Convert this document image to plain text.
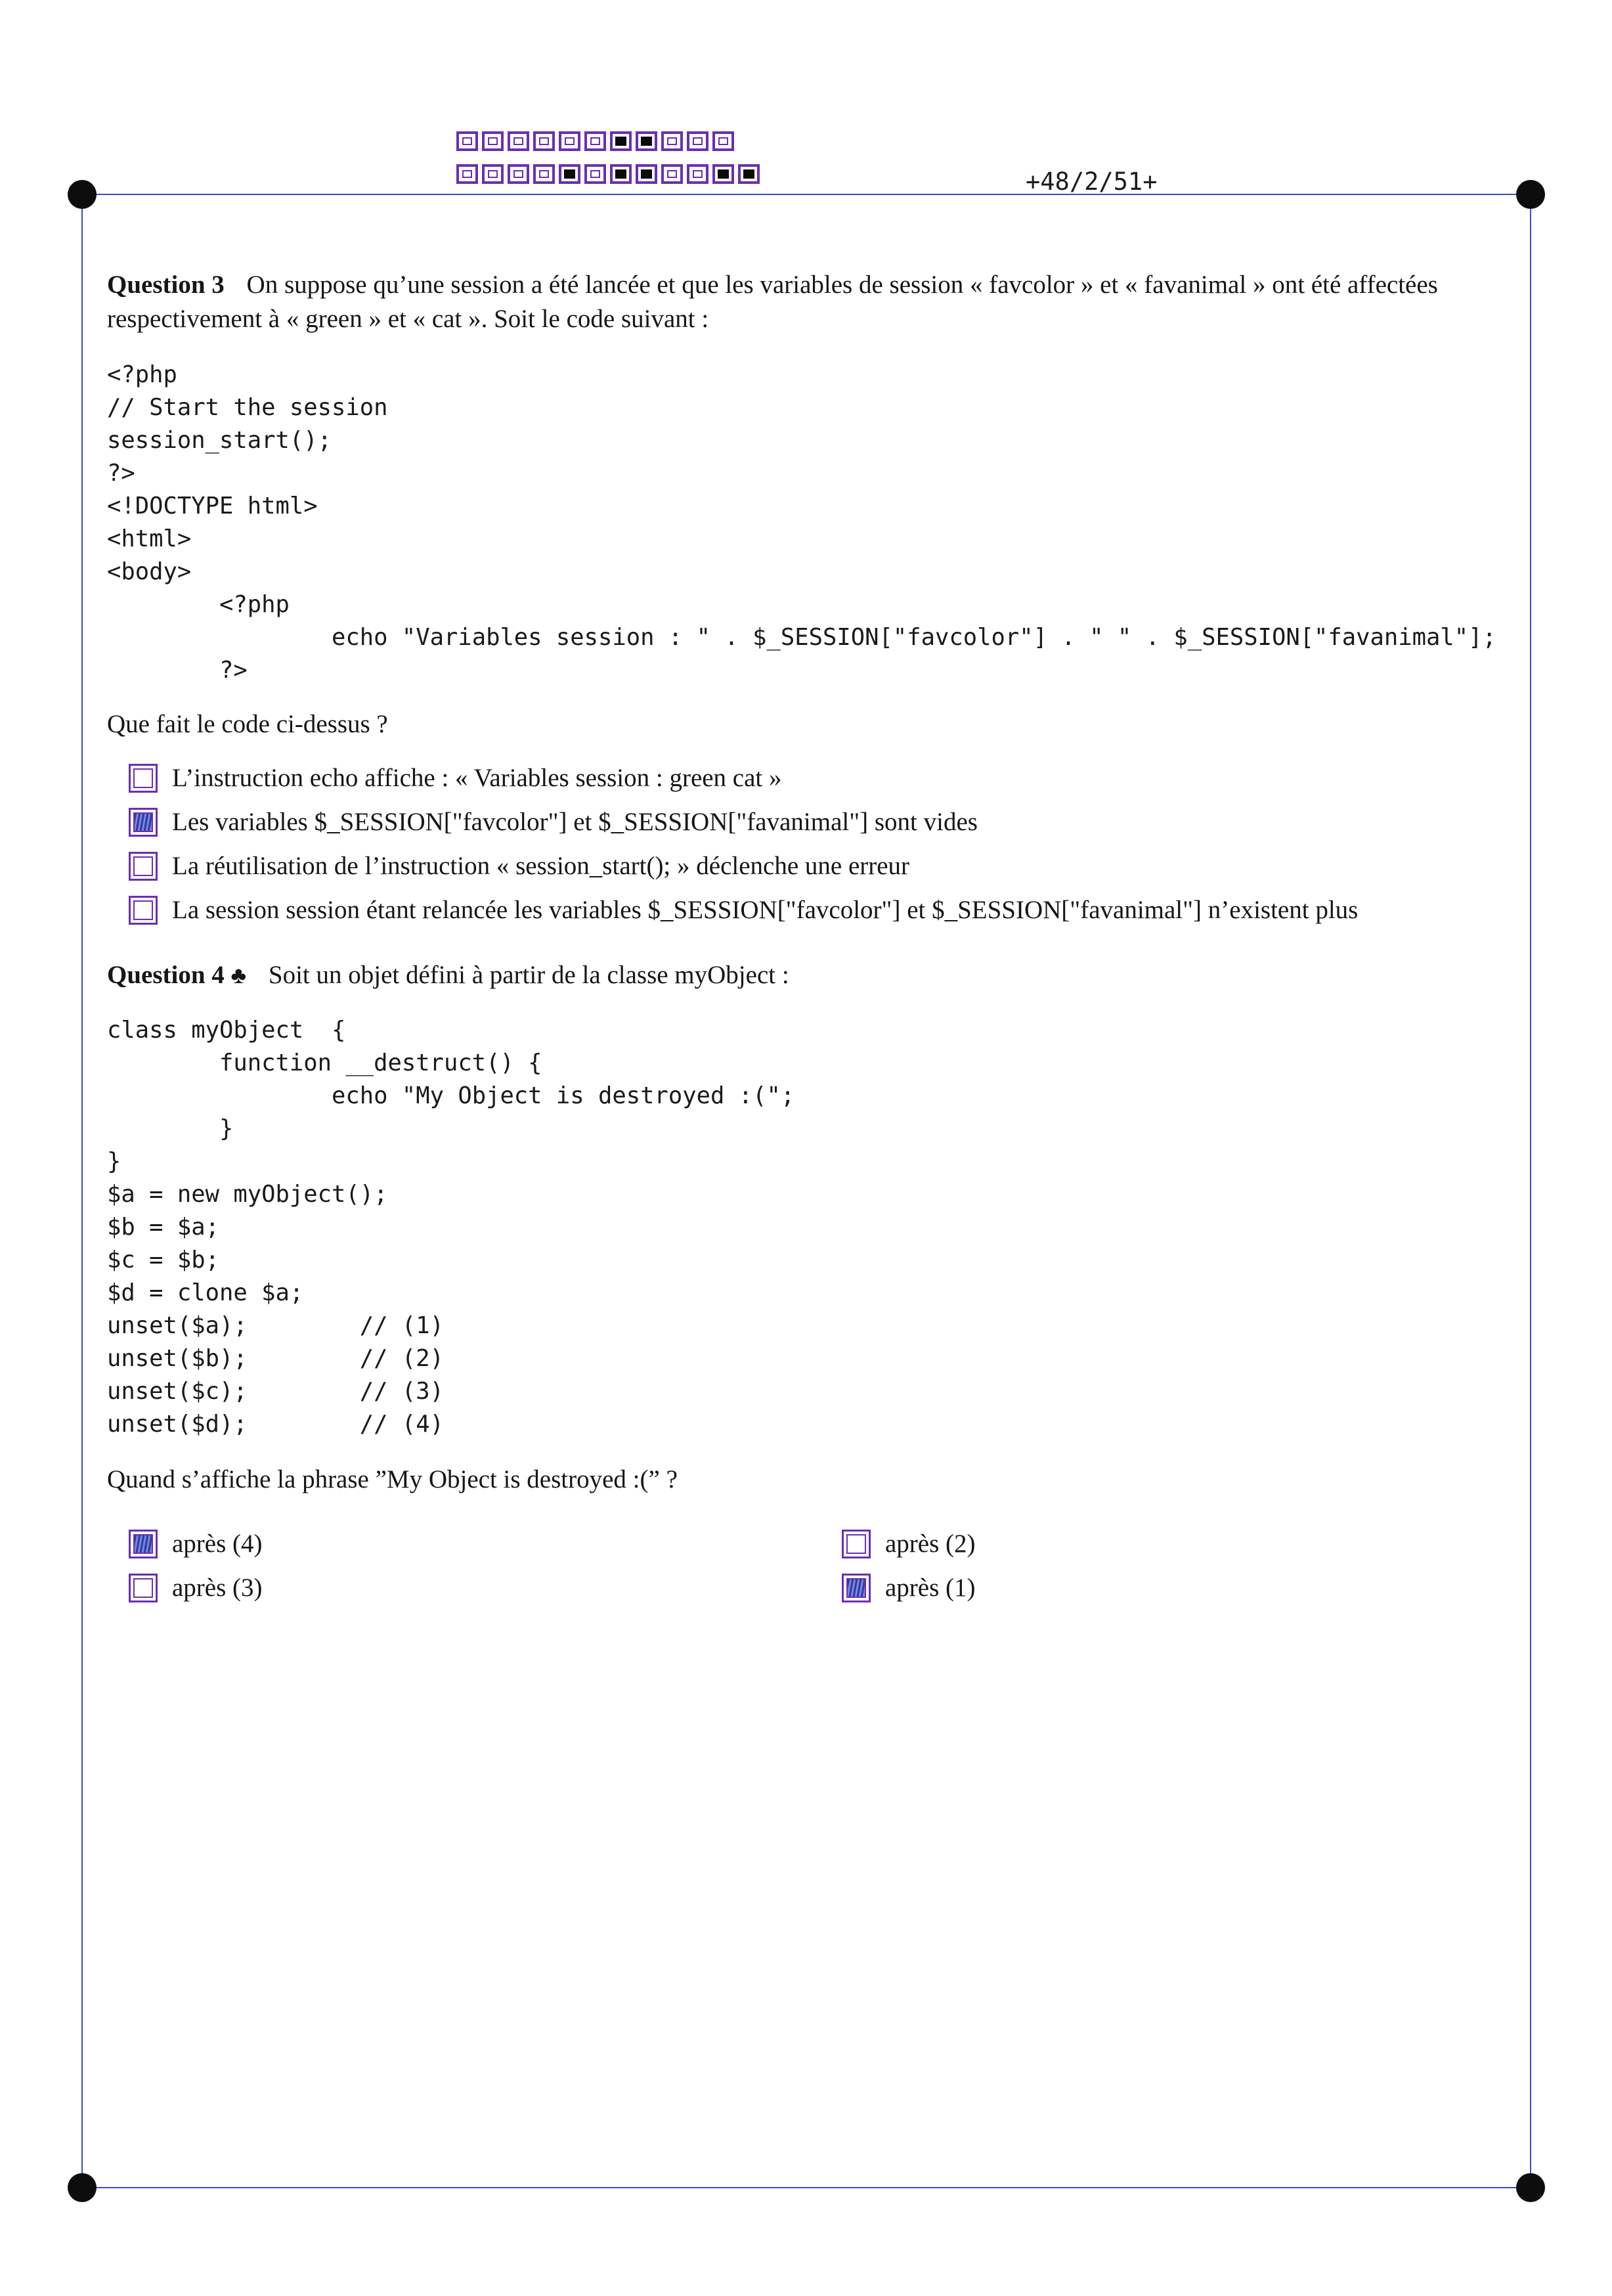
+48/2/51+
Question 3 On suppose qu’une session a été lancée et que les variables de session « favcolor » et « favanimal » ont été affectées respectivement à « green » et « cat ». Soit le code suivant :
<?php
// Start the session
session_start();
?>
<!DOCTYPE html>
<html>
<body>
<?php
echo "Variables session : " . $_SESSION["favcolor"] . " " . $_SESSION["favanimal"];
?>
Que fait le code ci-dessus ?
L’instruction echo affiche : « Variables session : green cat »
Les variables $_SESSION["favcolor"] et $_SESSION["favanimal"] sont vides
La réutilisation de l’instruction « session_start(); » déclenche une erreur
La session session étant relancée les variables $_SESSION["favcolor"] et $_SESSION["favanimal"] n’existent plus
Question 4 ♣ Soit un objet défini à partir de la classe myObject :
class myObject  {
function __destruct() {
echo "My Object is destroyed :(";
}
}
$a = new myObject();
$b = $a;
$c = $b;
$d = clone $a;
unset($a);        // (1)
unset($b);        // (2)
unset($c);        // (3)
unset($d);        // (4)
Quand s’affiche la phrase ”My Object is destroyed :(” ?
après (4)	après (2)
après (3)	après (1)
